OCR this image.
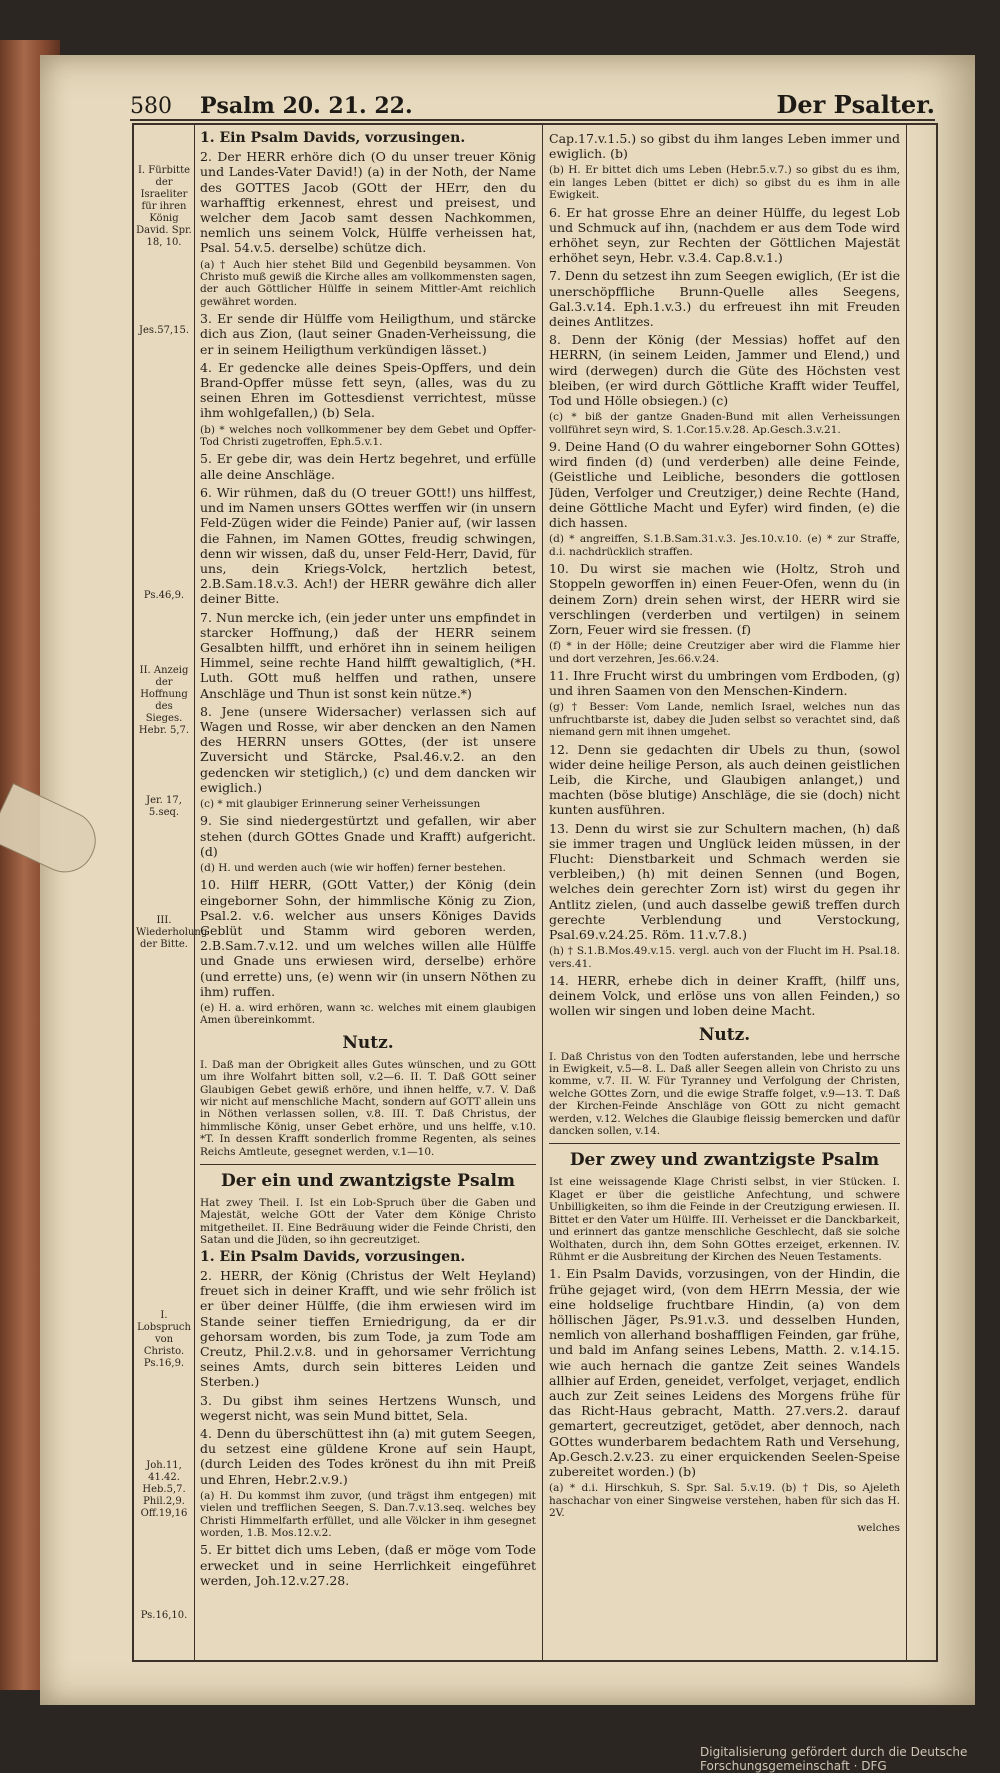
580	Psalm 20. 21. 22.	Der Psalter.
I. Fürbitte der Israeliter für ihren König David. Spr. 18, 10.
Jes.57,15.
Ps.46,9.
II. Anzeig der Hoffnung des Sieges. Hebr. 5,7.
Jer. 17, 5.seq.
III. Wiederholung der Bitte.
I. Lobspruch von Christo. Ps.16,9.
Joh.11, 41.42. Heb.5,7. Phil.2,9. Off.19,16
Ps.16,10.

1. Ein Psalm Davids, vorzusingen.

2. Der HERR erhöre dich (O du unser treuer König und Landes-Vater David!) (a) in der Noth, der Name des GOTTES Jacob (GOtt der HErr, den du warhafftig erkennest, ehrest und preisest, und welcher dem Jacob samt dessen Nachkommen, nemlich uns seinem Volck, Hülffe verheissen hat, Psal. 54.v.5. derselbe) schütze dich.

(a) † Auch hier stehet Bild und Gegenbild beysammen. Von Christo muß gewiß die Kirche alles am vollkommensten sagen, der auch Göttlicher Hülffe in seinem Mittler-Amt reichlich gewähret worden.

3. Er sende dir Hülffe vom Heiligthum, und stärcke dich aus Zion, (laut seiner Gnaden-Verheissung, die er in seinem Heiligthum verkündigen lässet.)

4. Er gedencke alle deines Speis-Opffers, und dein Brand-Opffer müsse fett seyn, (alles, was du zu seinen Ehren im Gottesdienst verrichtest, müsse ihm wohlgefallen,) (b) Sela.

(b) * welches noch vollkommener bey dem Gebet und Opffer-Tod Christi zugetroffen, Eph.5.v.1.

5. Er gebe dir, was dein Hertz begehret, und erfülle alle deine Anschläge.

6. Wir rühmen, daß du (O treuer GOtt!) uns hilffest, und im Namen unsers GOttes werffen wir (in unsern Feld-Zügen wider die Feinde) Panier auf, (wir lassen die Fahnen, im Namen GOttes, freudig schwingen, denn wir wissen, daß du, unser Feld-Herr, David, für uns, dein Kriegs-Volck, hertzlich betest, 2.B.Sam.18.v.3. Ach!) der HERR gewähre dich aller deiner Bitte.

7. Nun mercke ich, (ein jeder unter uns empfindet in starcker Hoffnung,) daß der HERR seinem Gesalbten hilfft, und erhöret ihn in seinem heiligen Himmel, seine rechte Hand hilfft gewaltiglich, (*H. Luth. GOtt muß helffen und rathen, unsere Anschläge und Thun ist sonst kein nütze.*)

8. Jene (unsere Widersacher) verlassen sich auf Wagen und Rosse, wir aber dencken an den Namen des HERRN unsers GOttes, (der ist unsere Zuversicht und Stärcke, Psal.46.v.2. an den gedencken wir stetiglich,) (c) und dem dancken wir ewiglich.)

(c) * mit glaubiger Erinnerung seiner Verheissungen

9. Sie sind niedergestürtzt und gefallen, wir aber stehen (durch GOttes Gnade und Krafft) aufgericht. (d)

(d) H. und werden auch (wie wir hoffen) ferner bestehen.

10. Hilff HERR, (GOtt Vatter,) der König (dein eingeborner Sohn, der himmlische König zu Zion, Psal.2. v.6. welcher aus unsers Königes Davids Geblüt und Stamm wird geboren werden, 2.B.Sam.7.v.12. und um welches willen alle Hülffe und Gnade uns erwiesen wird, derselbe) erhöre (und errette) uns, (e) wenn wir (in unsern Nöthen zu ihm) ruffen.

(e) H. a. wird erhören, wann ꝛc. welches mit einem glaubigen Amen übereinkommt.

Nutz.

I. Daß man der Obrigkeit alles Gutes wünschen, und zu GOtt um ihre Wolfahrt bitten soll, v.2—6. II. T. Daß GOtt seiner Glaubigen Gebet gewiß erhöre, und ihnen helffe, v.7. V. Daß wir nicht auf menschliche Macht, sondern auf GOTT allein uns in Nöthen verlassen sollen, v.8. III. T. Daß Christus, der himmlische König, unser Gebet erhöre, und uns helffe, v.10. *T. In dessen Krafft sonderlich fromme Regenten, als seines Reichs Amtleute, gesegnet werden, v.1—10.

Der ein und zwantzigste Psalm

Hat zwey Theil. I. Ist ein Lob-Spruch über die Gaben und Majestät, welche GOtt der Vater dem Könige Christo mitgetheilet. II. Eine Bedräuung wider die Feinde Christi, den Satan und die Jüden, so ihn gecreutziget.

1. Ein Psalm Davids, vorzusingen.

2. HERR, der König (Christus der Welt Heyland) freuet sich in deiner Krafft, und wie sehr frölich ist er über deiner Hülffe, (die ihm erwiesen wird im Stande seiner tieffen Erniedrigung, da er dir gehorsam worden, bis zum Tode, ja zum Tode am Creutz, Phil.2.v.8. und in gehorsamer Verrichtung seines Amts, durch sein bitteres Leiden und Sterben.)

3. Du gibst ihm seines Hertzens Wunsch, und wegerst nicht, was sein Mund bittet, Sela.

4. Denn du überschüttest ihn (a) mit gutem Seegen, du setzest eine güldene Krone auf sein Haupt, (durch Leiden des Todes krönest du ihn mit Preiß und Ehren, Hebr.2.v.9.)

(a) H. Du kommst ihm zuvor, (und trägst ihm entgegen) mit vielen und trefflichen Seegen, S. Dan.7.v.13.seq. welches bey Christi Himmelfarth erfüllet, und alle Völcker in ihm gesegnet worden, 1.B. Mos.12.v.2.

5. Er bittet dich ums Leben, (daß er möge vom Tode erwecket und in seine Herrlichkeit eingeführet werden, Joh.12.v.27.28.

Cap.17.v.1.5.) so gibst du ihm langes Leben immer und ewiglich. (b)

(b) H. Er bittet dich ums Leben (Hebr.5.v.7.) so gibst du es ihm, ein langes Leben (bittet er dich) so gibst du es ihm in alle Ewigkeit.

6. Er hat grosse Ehre an deiner Hülffe, du legest Lob und Schmuck auf ihn, (nachdem er aus dem Tode wird erhöhet seyn, zur Rechten der Göttlichen Majestät erhöhet seyn, Hebr. v.3.4. Cap.8.v.1.)

7. Denn du setzest ihn zum Seegen ewiglich, (Er ist die unerschöpffliche Brunn-Quelle alles Seegens, Gal.3.v.14. Eph.1.v.3.) du erfreuest ihn mit Freuden deines Antlitzes.

8. Denn der König (der Messias) hoffet auf den HERRN, (in seinem Leiden, Jammer und Elend,) und wird (derwegen) durch die Güte des Höchsten vest bleiben, (er wird durch Göttliche Krafft wider Teuffel, Tod und Hölle obsiegen.) (c)

(c) * biß der gantze Gnaden-Bund mit allen Verheissungen vollführet seyn wird, S. 1.Cor.15.v.28. Ap.Gesch.3.v.21.

9. Deine Hand (O du wahrer eingeborner Sohn GOttes) wird finden (d) (und verderben) alle deine Feinde, (Geistliche und Leibliche, besonders die gottlosen Jüden, Verfolger und Creutziger,) deine Rechte (Hand, deine Göttliche Macht und Eyfer) wird finden, (e) die dich hassen.

(d) * angreiffen, S.1.B.Sam.31.v.3. Jes.10.v.10. (e) * zur Straffe, d.i. nachdrücklich straffen.

10. Du wirst sie machen wie (Holtz, Stroh und Stoppeln geworffen in) einen Feuer-Ofen, wenn du (in deinem Zorn) drein sehen wirst, der HERR wird sie verschlingen (verderben und vertilgen) in seinem Zorn, Feuer wird sie fressen. (f)

(f) * in der Hölle; deine Creutziger aber wird die Flamme hier und dort verzehren, Jes.66.v.24.

11. Ihre Frucht wirst du umbringen vom Erdboden, (g) und ihren Saamen von den Menschen-Kindern.

(g) † Besser: Vom Lande, nemlich Israel, welches nun das unfruchtbarste ist, dabey die Juden selbst so verachtet sind, daß niemand gern mit ihnen umgehet.

12. Denn sie gedachten dir Ubels zu thun, (sowol wider deine heilige Person, als auch deinen geistlichen Leib, die Kirche, und Glaubigen anlanget,) und machten (böse blutige) Anschläge, die sie (doch) nicht kunten ausführen.

13. Denn du wirst sie zur Schultern machen, (h) daß sie immer tragen und Unglück leiden müssen, in der Flucht: Dienstbarkeit und Schmach werden sie verbleiben,) (h) mit deinen Sennen (und Bogen, welches dein gerechter Zorn ist) wirst du gegen ihr Antlitz zielen, (und auch dasselbe gewiß treffen durch gerechte Verblendung und Verstockung, Psal.69.v.24.25. Röm. 11.v.7.8.)

(h) † S.1.B.Mos.49.v.15. vergl. auch von der Flucht im H. Psal.18. vers.41.

14. HERR, erhebe dich in deiner Krafft, (hilff uns, deinem Volck, und erlöse uns von allen Feinden,) so wollen wir singen und loben deine Macht.

Nutz.

I. Daß Christus von den Todten auferstanden, lebe und herrsche in Ewigkeit, v.5—8. L. Daß aller Seegen allein von Christo zu uns komme, v.7. II. W. Für Tyranney und Verfolgung der Christen, welche GOttes Zorn, und die ewige Straffe folget, v.9—13. T. Daß der Kirchen-Feinde Anschläge von GOtt zu nicht gemacht werden, v.12. Welches die Glaubige fleissig bemercken und dafür dancken sollen, v.14.

Der zwey und zwantzigste Psalm

Ist eine weissagende Klage Christi selbst, in vier Stücken. I. Klaget er über die geistliche Anfechtung, und schwere Unbilligkeiten, so ihm die Feinde in der Creutzigung erwiesen. II. Bittet er den Vater um Hülffe. III. Verheisset er die Danckbarkeit, und erinnert das gantze menschliche Geschlecht, daß sie solche Wolthaten, durch ihn, dem Sohn GOttes erzeiget, erkennen. IV. Rühmt er die Ausbreitung der Kirchen des Neuen Testaments.

1. Ein Psalm Davids, vorzusingen, von der Hindin, die frühe gejaget wird, (von dem HErrn Messia, der wie eine holdselige fruchtbare Hindin, (a) von dem höllischen Jäger, Ps.91.v.3. und desselben Hunden, nemlich von allerhand boshaffligen Feinden, gar frühe, und bald im Anfang seines Lebens, Matth. 2. v.14.15. wie auch hernach die gantze Zeit seines Wandels allhier auf Erden, geneidet, verfolget, verjaget, endlich auch zur Zeit seines Leidens des Morgens frühe für das Richt-Haus gebracht, Matth. 27.vers.2. darauf gemartert, gecreutziget, getödet, aber dennoch, nach GOttes wunderbarem bedachtem Rath und Versehung, Ap.Gesch.2.v.23. zu einer erquickenden Seelen-Speise zubereitet worden.) (b)

(a) * d.i. Hirschkuh, S. Spr. Sal. 5.v.19. (b) † Dis, so Ajeleth haschachar von einer Singweise verstehen, haben für sich das H. 2V.

welches

Digitalisierung gefördert durch die Deutsche Forschungsgemeinschaft · DFG
